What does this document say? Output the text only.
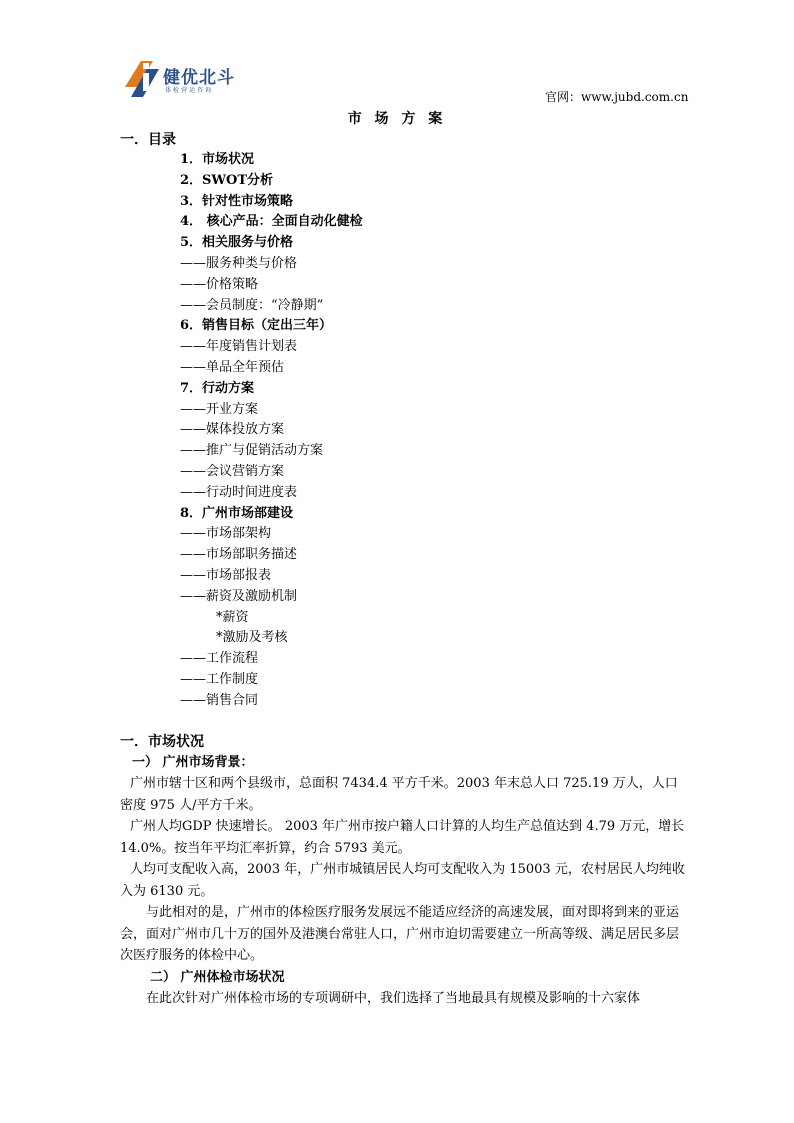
健优北斗
体检营运咨询	官网：www.jubd.com.cn
市 场 方 案
一．目录
1．市场状况
2．SWOT分析
3．针对性市场策略
4． 核心产品：全面自动化健检
5．相关服务与价格
——服务种类与价格
——价格策略
——会员制度：“冷静期”
6．销售目标（定出三年）
——年度销售计划表
——单品全年预估
7．行动方案
——开业方案
——媒体投放方案
——推广与促销活动方案
——会议营销方案
——行动时间进度表
8．广州市场部建设
——市场部架构
——市场部职务描述
——市场部报表
——薪资及激励机制
*薪资
*激励及考核
——工作流程
——工作制度
——销售合同
一．市场状况
一） 广州市场背景：

广州市辖十区和两个县级市，总面积 7434.4 平方千米。2003 年末总人口 725.19 万人，人口密度 975 人/平方千米。

广州人均GDP 快速增长。 2003 年广州市按户籍人口计算的人均生产总值达到 4.79 万元，增长 14.0%。按当年平均汇率折算，约合 5793 美元。

人均可支配收入高，2003 年，广州市城镇居民人均可支配收入为 15003 元，农村居民人均纯收入为 6130 元。

与此相对的是，广州市的体检医疗服务发展远不能适应经济的高速发展，面对即将到来的亚运会，面对广州市几十万的国外及港澳台常驻人口，广州市迫切需要建立一所高等级、满足居民多层次医疗服务的体检中心。

二） 广州体检市场状况

在此次针对广州体检市场的专项调研中，我们选择了当地最具有规模及影响的十六家体
